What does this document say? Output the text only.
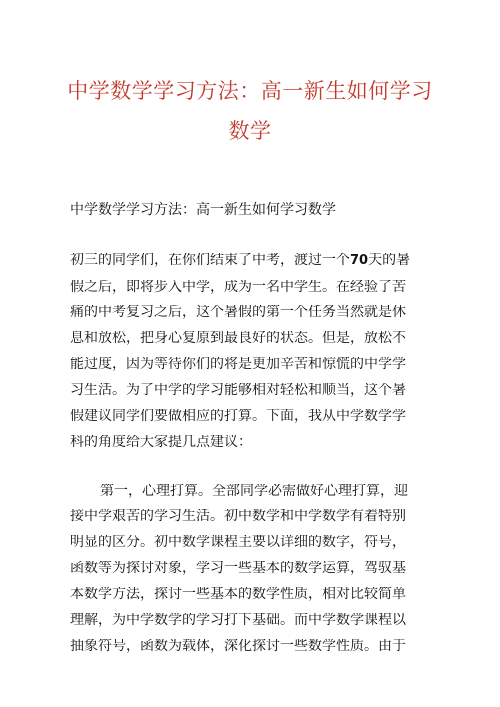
中学数学学习方法：高一新生如何学习
数学
中学数学学习方法：高一新生如何学习数学
初三的同学们，在你们结束了中考，渡过一个70天的暑
假之后，即将步入中学，成为一名中学生。在经验了苦
痛的中考复习之后，这个暑假的第一个任务当然就是休
息和放松，把身心复原到最良好的状态。但是，放松不
能过度，因为等待你们的将是更加辛苦和惊慌的中学学
习生活。为了中学的学习能够相对轻松和顺当，这个暑
假建议同学们要做相应的打算。下面，我从中学数学学
科的角度给大家提几点建议：
第一，心理打算。全部同学必需做好心理打算，迎
接中学艰苦的学习生活。初中数学和中学数学有着特别
明显的区分。初中数学课程主要以详细的数字，符号，
函数等为探讨对象，学习一些基本的数学运算，驾驭基
本数学方法，探讨一些基本的数学性质，相对比较简单
理解，为中学数学的学习打下基础。而中学数学课程以
抽象符号，函数为载体，深化探讨一些数学性质。由于
